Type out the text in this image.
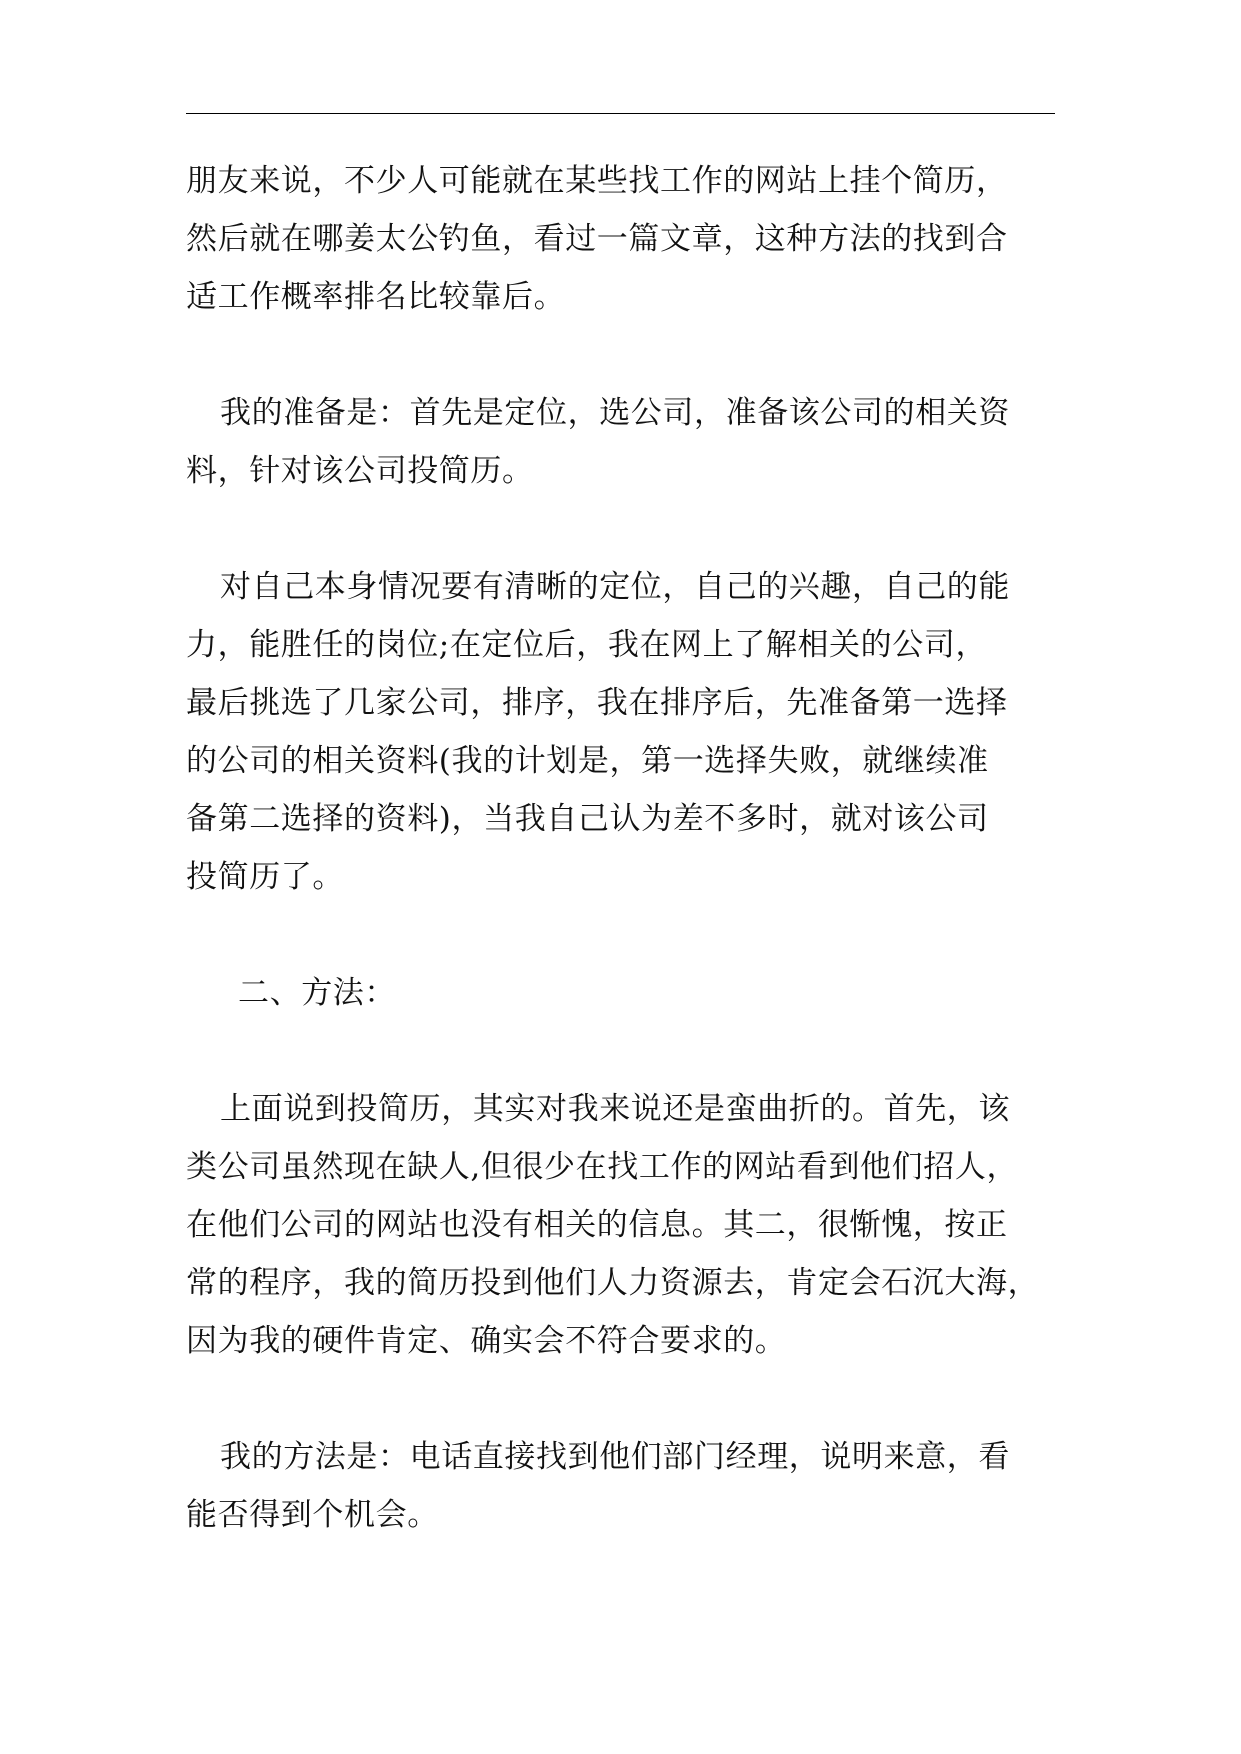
朋友来说，不少人可能就在某些找工作的网站上挂个简历，
然后就在哪姜太公钓鱼，看过一篇文章，这种方法的找到合
适工作概率排名比较靠后。

我的准备是：首先是定位，选公司，准备该公司的相关资
料，针对该公司投简历。

对自己本身情况要有清晰的定位，自己的兴趣，自己的能
力，能胜任的岗位;在定位后，我在网上了解相关的公司，
最后挑选了几家公司，排序，我在排序后，先准备第一选择
的公司的相关资料(我的计划是，第一选择失败，就继续准
备第二选择的资料)，当我自己认为差不多时，就对该公司
投简历了。

二、方法：

上面说到投简历，其实对我来说还是蛮曲折的。首先，该
类公司虽然现在缺人,但很少在找工作的网站看到他们招人，
在他们公司的网站也没有相关的信息。其二，很惭愧，按正
常的程序，我的简历投到他们人力资源去，肯定会石沉大海，
因为我的硬件肯定、确实会不符合要求的。

我的方法是：电话直接找到他们部门经理，说明来意，看
能否得到个机会。
